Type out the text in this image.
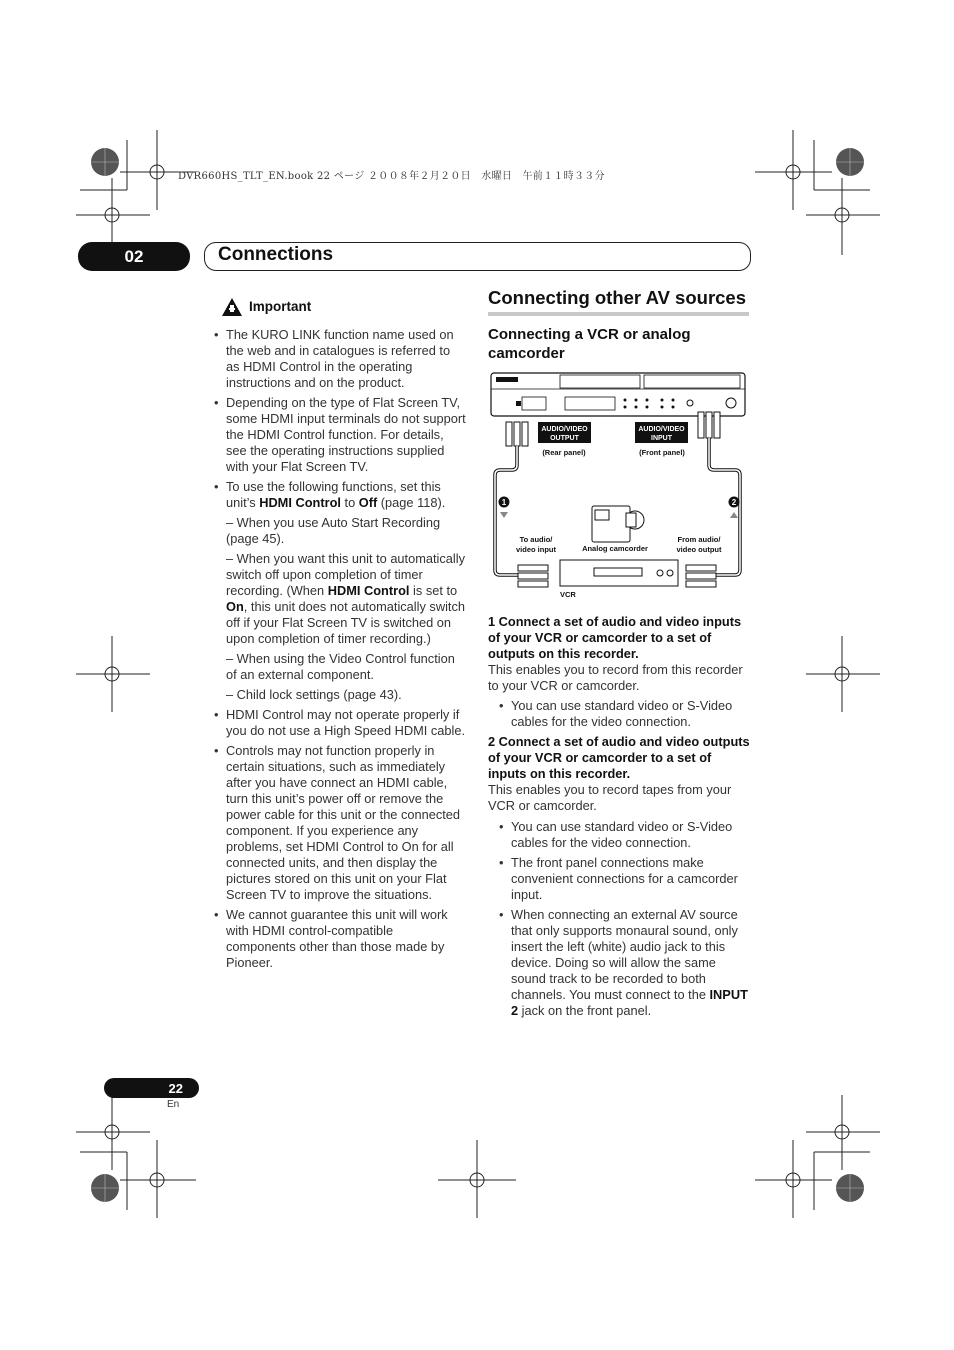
DVR660HS_TLT_EN.book 22 ページ ２００８年２月２０日　水曜日　午前１１時３３分
02	Connections
Important
• The KURO LINK function name used on the web and in catalogues is referred to as HDMI Control in the operating instructions and on the product.
• Depending on the type of Flat Screen TV, some HDMI input terminals do not support the HDMI Control function. For details, see the operating instructions supplied with your Flat Screen TV.
• To use the following functions, set this unit’s HDMI Control to Off (page 118).
– When you use Auto Start Recording (page 45).
– When you want this unit to automatically switch off upon completion of timer recording. (When HDMI Control is set to On, this unit does not automatically switch off if your Flat Screen TV is switched on upon completion of timer recording.)
– When using the Video Control function of an external component.
– Child lock settings (page 43).
• HDMI Control may not operate properly if you do not use a High Speed HDMI cable.
• Controls may not function properly in certain situations, such as immediately after you have connect an HDMI cable, turn this unit’s power off or remove the power cable for this unit or the connected component. If you experience any problems, set HDMI Control to On for all connected units, and then display the pictures stored on this unit on your Flat Screen TV to improve the situations.
• We cannot guarantee this unit will work with HDMI control-compatible components other than those made by Pioneer.
Connecting other AV sources
Connecting a VCR or analog camcorder
AUDIO/VIDEO
OUTPUT
(Rear panel)
AUDIO/VIDEO
INPUT
(Front panel)
1	2
Analog camcorder
To audio/
video input
From audio/
video output
VCR
1 Connect a set of audio and video inputs of your VCR or camcorder to a set of outputs on this recorder.
This enables you to record from this recorder to your VCR or camcorder.
• You can use standard video or S-Video cables for the video connection.
2 Connect a set of audio and video outputs of your VCR or camcorder to a set of inputs on this recorder.
This enables you to record tapes from your VCR or camcorder.
• You can use standard video or S-Video cables for the video connection.
• The front panel connections make convenient connections for a camcorder input.
• When connecting an external AV source that only supports monaural sound, only insert the left (white) audio jack to this device. Doing so will allow the same sound track to be recorded to both channels. You must connect to the INPUT 2 jack on the front panel.
22
En
